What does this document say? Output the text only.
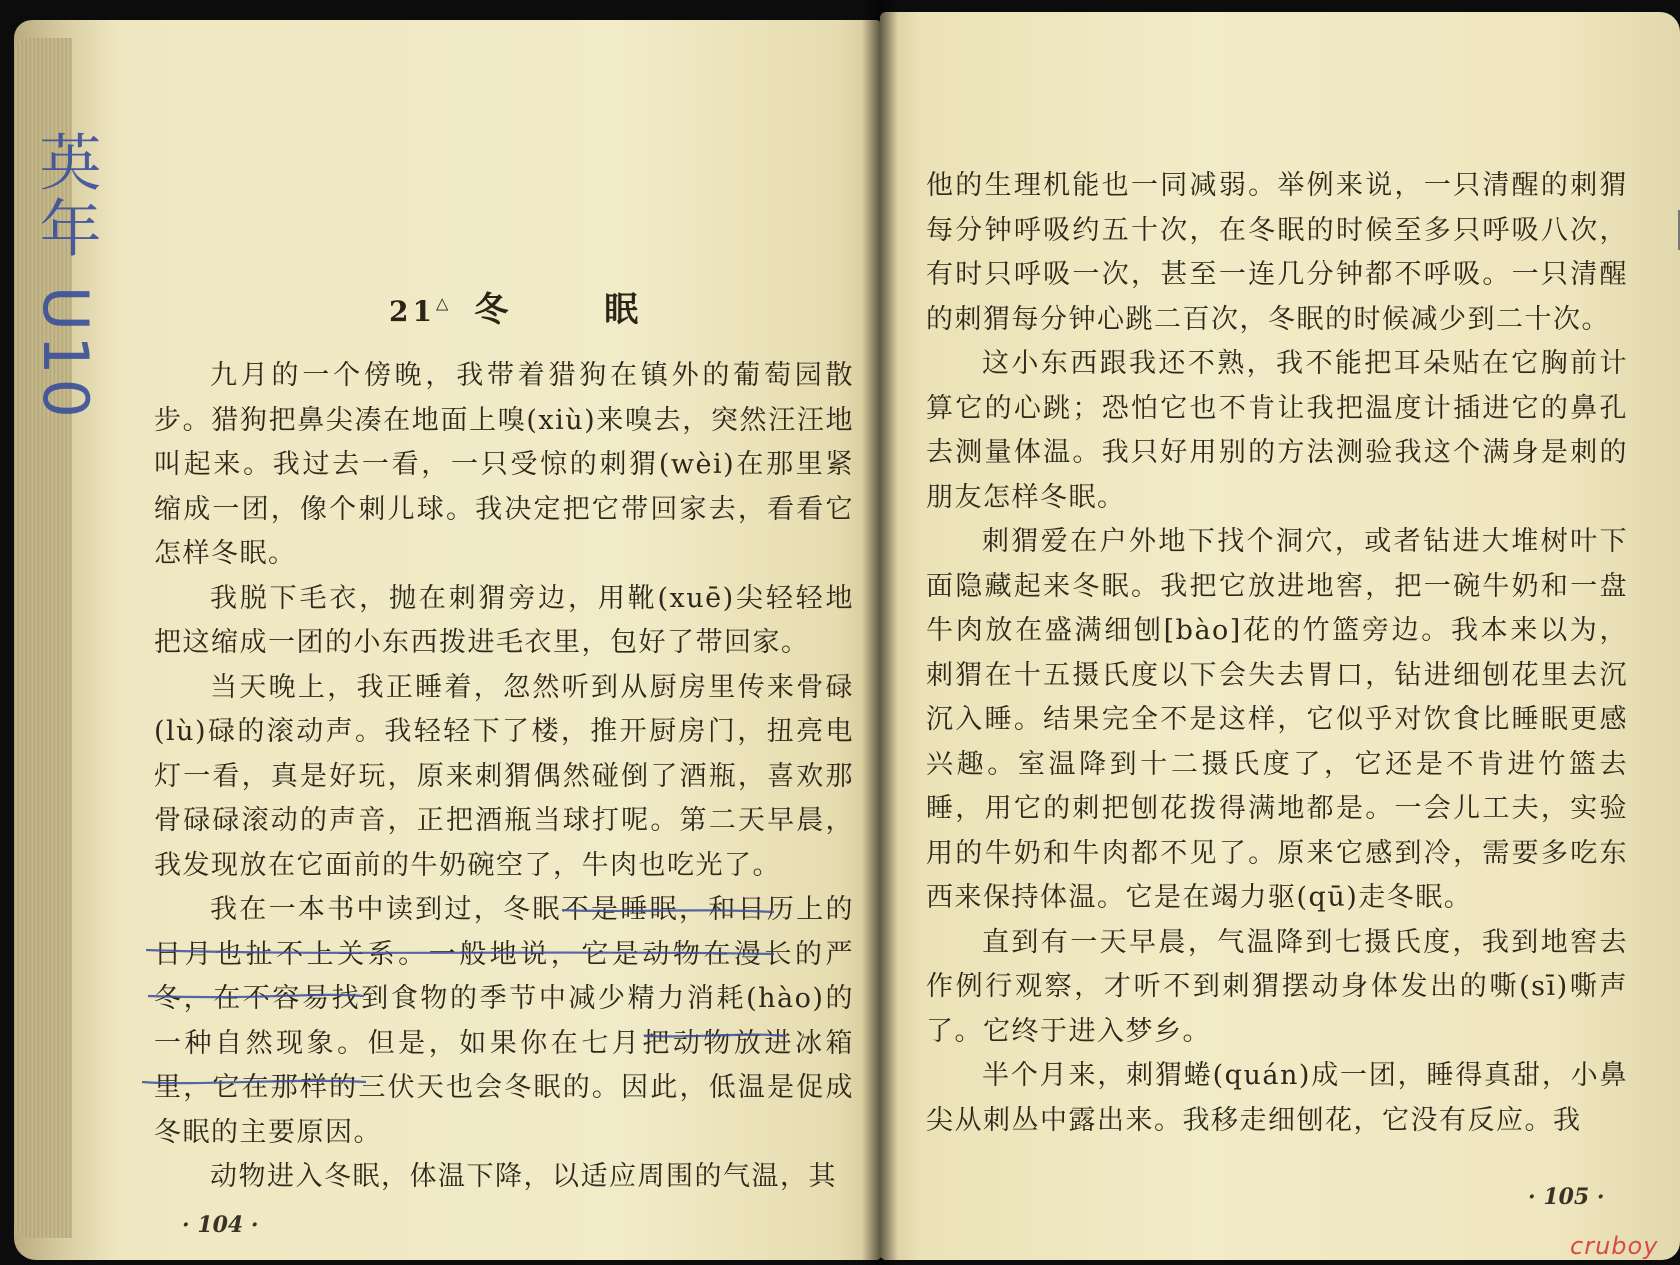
英年 U10	21△ 冬 眠

九月的一个傍晚，我带着猎狗在镇外的葡萄园散步。猎狗把鼻尖凑在地面上嗅(xiù)来嗅去，突然汪汪地叫起来。我过去一看，一只受惊的刺猬(wèi)在那里紧缩成一团，像个刺儿球。我决定把它带回家去，看看它怎样冬眠。

我脱下毛衣，抛在刺猬旁边，用靴(xuē)尖轻轻地把这缩成一团的小东西拨进毛衣里，包好了带回家。

当天晚上，我正睡着，忽然听到从厨房里传来骨碌(lù)碌的滚动声。我轻轻下了楼，推开厨房门，扭亮电灯一看，真是好玩，原来刺猬偶然碰倒了酒瓶，喜欢那骨碌碌滚动的声音，正把酒瓶当球打呢。第二天早晨，我发现放在它面前的牛奶碗空了，牛肉也吃光了。

我在一本书中读到过，冬眠不是睡眠，和日历上的日月也扯不上关系。一般地说，它是动物在漫长的严冬，在不容易找到食物的季节中减少精力消耗(hào)的一种自然现象。但是，如果你在七月把动物放进冰箱里，它在那样的三伏天也会冬眠的。因此，低温是促成冬眠的主要原因。

动物进入冬眠，体温下降，以适应周围的气温，其

· 104 ·

他的生理机能也一同减弱。举例来说，一只清醒的刺猬每分钟呼吸约五十次，在冬眠的时候至多只呼吸八次，有时只呼吸一次，甚至一连几分钟都不呼吸。一只清醒的刺猬每分钟心跳二百次，冬眠的时候减少到二十次。

这小东西跟我还不熟，我不能把耳朵贴在它胸前计算它的心跳；恐怕它也不肯让我把温度计插进它的鼻孔去测量体温。我只好用别的方法测验我这个满身是刺的朋友怎样冬眠。

刺猬爱在户外地下找个洞穴，或者钻进大堆树叶下面隐藏起来冬眠。我把它放进地窖，把一碗牛奶和一盘牛肉放在盛满细刨[bào]花的竹篮旁边。我本来以为，刺猬在十五摄氏度以下会失去胃口，钻进细刨花里去沉沉入睡。结果完全不是这样，它似乎对饮食比睡眠更感兴趣。室温降到十二摄氏度了，它还是不肯进竹篮去睡，用它的刺把刨花拨得满地都是。一会儿工夫，实验用的牛奶和牛肉都不见了。原来它感到冷，需要多吃东西来保持体温。它是在竭力驱(qū)走冬眠。

直到有一天早晨，气温降到七摄氏度，我到地窖去作例行观察，才听不到刺猬摆动身体发出的嘶(sī)嘶声了。它终于进入梦乡。

半个月来，刺猬蜷(quán)成一团，睡得真甜，小鼻尖从刺丛中露出来。我移走细刨花，它没有反应。我

· 105 ·
cruboy
